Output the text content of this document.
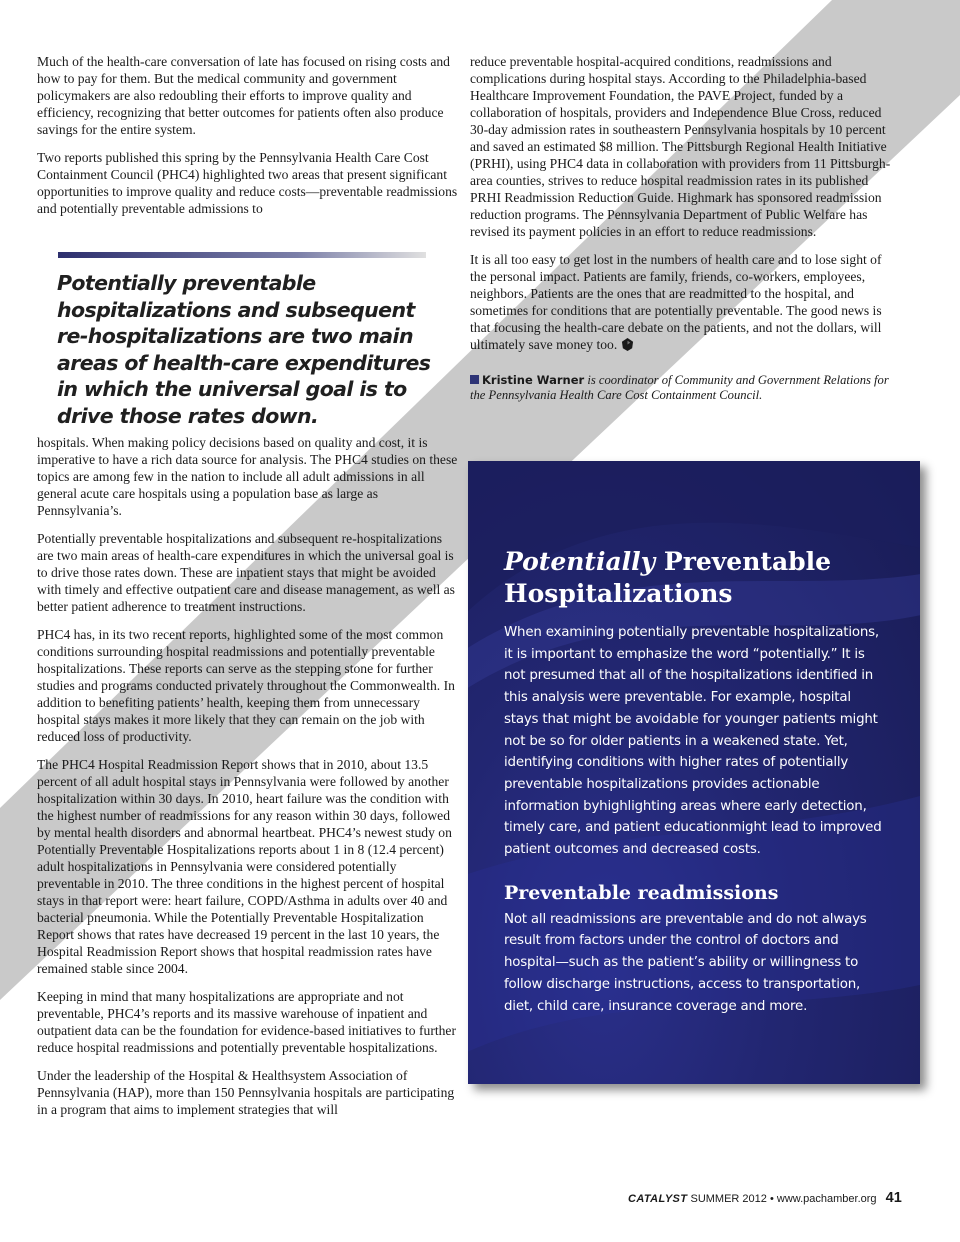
Much of the health-care conversation of late has focused on rising costs and how to pay for them. But the medical community and government policymakers are also redoubling their efforts to improve quality and efficiency, recognizing that better outcomes for patients often also produce savings for the entire system.

Two reports published this spring by the Pennsylvania Health Care Cost Containment Council (PHC4) highlighted two areas that present significant opportunities to improve quality and reduce costs—preventable readmissions and potentially preventable admissions to

Potentially preventable hospitalizations and subsequent re-hospitalizations are two main areas of health-care expenditures in which the universal goal is to drive those rates down.

hospitals. When making policy decisions based on quality and cost, it is imperative to have a rich data source for analysis. The PHC4 studies on these topics are among few in the nation to include all adult admissions in all general acute care hospitals using a population base as large as Pennsylvania’s.

Potentially preventable hospitalizations and subsequent re-hospitalizations are two main areas of health-care expenditures in which the universal goal is to drive those rates down. These are inpatient stays that might be avoided with timely and effective outpatient care and disease management, as well as better patient adherence to treatment instructions.

PHC4 has, in its two recent reports, highlighted some of the most common conditions surrounding hospital readmissions and potentially preventable hospitalizations. These reports can serve as the stepping stone for further studies and programs conducted privately throughout the Commonwealth. In addition to benefiting patients’ health, keeping them from unnecessary hospital stays makes it more likely that they can remain on the job with reduced loss of productivity.

The PHC4 Hospital Readmission Report shows that in 2010, about 13.5 percent of all adult hospital stays in Pennsylvania were followed by another hospitalization within 30 days. In 2010, heart failure was the condition with the highest number of readmissions for any reason within 30 days, followed by mental health disorders and abnormal heartbeat. PHC4’s newest study on Potentially Preventable Hospitalizations reports about 1 in 8 (12.4 percent) adult hospitalizations in Pennsylvania were considered potentially preventable in 2010. The three conditions in the highest percent of hospital stays in that report were: heart failure, COPD/Asthma in adults over 40 and bacterial pneumonia. While the Potentially Preventable Hospitalization Report shows that rates have decreased 19 percent in the last 10 years, the Hospital Readmission Report shows that hospital readmission rates have remained stable since 2004.

Keeping in mind that many hospitalizations are appropriate and not preventable, PHC4’s reports and its massive warehouse of inpatient and outpatient data can be the foundation for evidence-based initiatives to further reduce hospital readmissions and potentially preventable hospitalizations.

Under the leadership of the Hospital & Healthsystem Association of Pennsylvania (HAP), more than 150 Pennsylvania hospitals are participating in a program that aims to implement strategies that will

reduce preventable hospital-acquired conditions, readmissions and complications during hospital stays. According to the Philadelphia-based Healthcare Improvement Foundation, the PAVE Project, funded by a collaboration of hospitals, providers and Independence Blue Cross, reduced 30-day admission rates in southeastern Pennsylvania hospitals by 10 percent and saved an estimated $8 million. The Pittsburgh Regional Health Initiative (PRHI), using PHC4 data in collaboration with providers from 11 Pittsburgh-area counties, strives to reduce hospital readmission rates in its published PRHI Readmission Reduction Guide. Highmark has sponsored readmission reduction programs. The Pennsylvania Department of Public Welfare has revised its payment policies in an effort to reduce readmissions.

It is all too easy to get lost in the numbers of health care and to lose sight of the personal impact. Patients are family, friends, co-workers, employees, neighbors. Patients are the ones that are readmitted to the hospital, and sometimes for conditions that are potentially preventable. The good news is that focusing the health-care debate on the patients, and not the dollars, will ultimately save money too.

Kristine Warner is coordinator of Community and Government Relations for the Pennsylvania Health Care Cost Containment Council.
Potentially Preventable Hospitalizations

When examining potentially preventable hospitalizations, it is important to emphasize the word “potentially.” It is not presumed that all of the hospitalizations identified in this analysis were preventable. For example, hospital stays that might be avoidable for younger patients might not be so for older patients in a weakened state. Yet, identifying conditions with higher rates of potentially preventable hospitalizations provides actionable information byhighlighting areas where early detection, timely care, and patient educationmight lead to improved patient outcomes and decreased costs.

Preventable readmissions

Not all readmissions are preventable and do not always result from factors under the control of doctors and hospital—such as the patient’s ability or willingness to follow discharge instructions, access to transportation, diet, child care, insurance coverage and more.

CATALYST SUMMER 2012 • www.pachamber.org 41
